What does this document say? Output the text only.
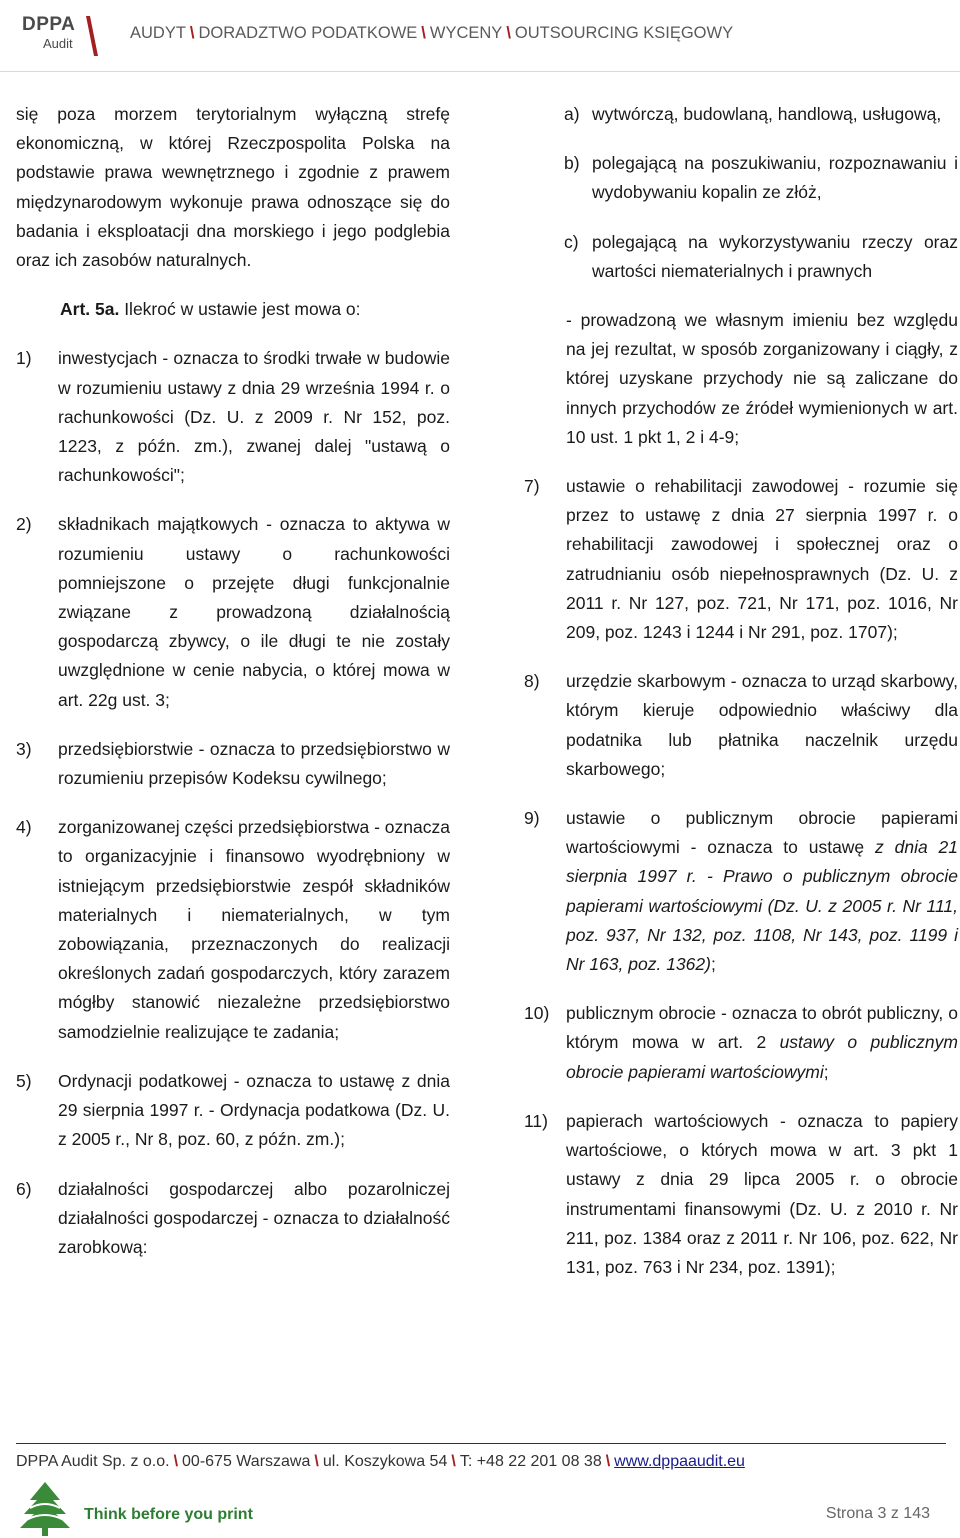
DPPA
Audit
AUDYT \ DORADZTWO PODATKOWE \ WYCENY \ OUTSOURCING KSIĘGOWY

się poza morzem terytorialnym wyłączną strefę ekonomiczną, w której Rzeczpospolita Polska na podstawie prawa wewnętrznego i zgodnie z prawem międzynarodowym wykonuje prawa odnoszące się do badania i eksploatacji dna morskiego i jego podglebia oraz ich zasobów naturalnych.

Art. 5a. Ilekroć w ustawie jest mowa o:

1)	inwestycjach - oznacza to środki trwałe w budowie w rozumieniu ustawy z dnia 29 września 1994 r. o rachunkowości (Dz. U. z 2009 r. Nr 152, poz. 1223, z późn. zm.), zwanej dalej "ustawą o rachunkowości";
2)	składnikach majątkowych - oznacza to aktywa w rozumieniu ustawy o rachunkowości pomniejszone o przejęte długi funkcjonalnie związane z prowadzoną działalnością gospodarczą zbywcy, o ile długi te nie zostały uwzględnione w cenie nabycia, o której mowa w art. 22g ust. 3;
3)	przedsiębiorstwie - oznacza to przedsiębiorstwo w rozumieniu przepisów Kodeksu cywilnego;
4)	zorganizowanej części przedsiębiorstwa - oznacza to organizacyjnie i finansowo wyodrębniony w istniejącym przedsiębiorstwie zespół składników materialnych i niematerialnych, w tym zobowiązania, przeznaczonych do realizacji określonych zadań gospodarczych, który zarazem mógłby stanowić niezależne przedsiębiorstwo samodzielnie realizujące te zadania;
5)	Ordynacji podatkowej - oznacza to ustawę z dnia 29 sierpnia 1997 r. - Ordynacja podatkowa (Dz. U. z 2005 r., Nr 8, poz. 60, z późn. zm.);
6)	działalności gospodarczej albo pozarolniczej działalności gospodarczej - oznacza to działalność zarobkową:
a) wytwórczą, budowlaną, handlową, usługową,
b) polegającą na poszukiwaniu, rozpoznawaniu i wydobywaniu kopalin ze złóż,
c) polegającą na wykorzystywaniu rzeczy oraz wartości niematerialnych i prawnych

- prowadzoną we własnym imieniu bez względu na jej rezultat, w sposób zorganizowany i ciągły, z której uzyskane przychody nie są zaliczane do innych przychodów ze źródeł wymienionych w art. 10 ust. 1 pkt 1, 2 i 4-9;

7)	ustawie o rehabilitacji zawodowej - rozumie się przez to ustawę z dnia 27 sierpnia 1997 r. o rehabilitacji zawodowej i społecznej oraz o zatrudnianiu osób niepełnosprawnych (Dz. U. z 2011 r. Nr 127, poz. 721, Nr 171, poz. 1016, Nr 209, poz. 1243 i 1244 i Nr 291, poz. 1707);
8)	urzędzie skarbowym - oznacza to urząd skarbowy, którym kieruje odpowiednio właściwy dla podatnika lub płatnika naczelnik urzędu skarbowego;
9)	ustawie o publicznym obrocie papierami wartościowymi - oznacza to ustawę z dnia 21 sierpnia 1997 r. - Prawo o publicznym obrocie papierami wartościowymi (Dz. U. z 2005 r. Nr 111, poz. 937, Nr 132, poz. 1108, Nr 143, poz. 1199 i Nr 163, poz. 1362);
10) publicznym obrocie - oznacza to obrót publiczny, o którym mowa w art. 2 ustawy o publicznym obrocie papierami wartościowymi;
11)	papierach wartościowych - oznacza to papiery wartościowe, o których mowa w art. 3 pkt 1 ustawy z dnia 29 lipca 2005 r. o obrocie instrumentami finansowymi (Dz. U. z 2010 r. Nr 211, poz. 1384 oraz z 2011 r. Nr 106, poz. 622, Nr 131, poz. 763 i Nr 234, poz. 1391);
DPPA Audit Sp. z o.o. \ 00-675 Warszawa \ ul. Koszykowa 54 \ T: +48 22 201 08 38 \ www.dppaaudit.eu
Think before you print	Strona 3 z 143
